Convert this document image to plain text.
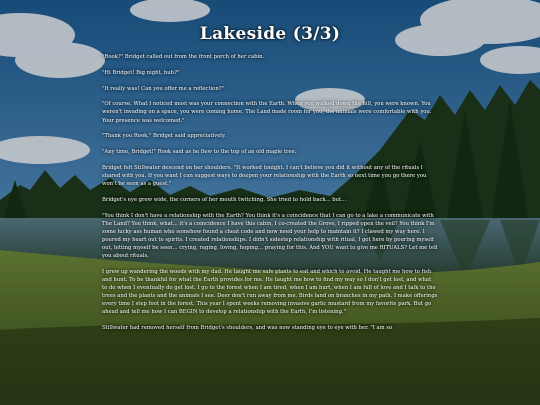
Lakeside (3/3)

"Rook?" Bridget called out from the front porch of her cabin.

"Hi Bridget! Big night, huh?"

"It really was! Can you offer me a reflection?"

"Of course. What I noticed most was your connection with the Earth. When you walked down the hill, you were known. You weren't invading on a space, you were coming home. The Land made room for you, the animals were comfortable with you. Your presence was welcomed."

"Thank you Rook," Bridget said appreciatively.

"Any time, Bridget!" Rook said as he flew to the top of an old maple tree.

Bridget felt Stillwater descend on her shoulders. "It worked tonight. I can't believe you did it without any of the rituals I shared with you. If you want I can suggest ways to deepen your relationship with the Earth so next time you go there you won't be seen as a guest."

Bridget's eye grew wide, the corners of her mouth twitching. She tried to hold back... but...

"You think I don't have a relationship with the Earth? You think it's a coincidence that I can go to a lake a communicate with The Land? You think, what... it's a coincidence I have this cabin, I co-created the Grove, I ripped open the veil? You think I'm some lucky ass human who somehow found a cheat code and now need your help to maintain it? I clawed my way here. I poured my heart out to spirits. I created relationships. I didn't sidestep relationship with ritual, I got here by pouring myself out, letting myself be seen... crying, raging, loving, hoping... praying for this. And YOU want to give me RITUALS? Let me tell you about rituals.

I grew up wandering the woods with my dad. He taught me safe plants to eat and which to avoid. He taught me how to fish and hunt. To be thankful for what the Earth provides for me. He taught me how to find my way so I don't get lost, and what to do when I eventually do get lost. I go to the forest when I am tired, when I am hurt, when I am full of love and I talk to the trees and the plants and the animals I see. Deer don't run away from me. Birds land on branches in my path. I make offerings every time I step foot in the forest. This year I spent weeks removing invasive garlic mustard from my favorite park. But go ahead and tell me how I can BEGIN to develop a relationship with the Earth, I'm listening."

Stillwater had removed herself from Bridget's shoulders, and was now standing eye to eye with her. "I am so
